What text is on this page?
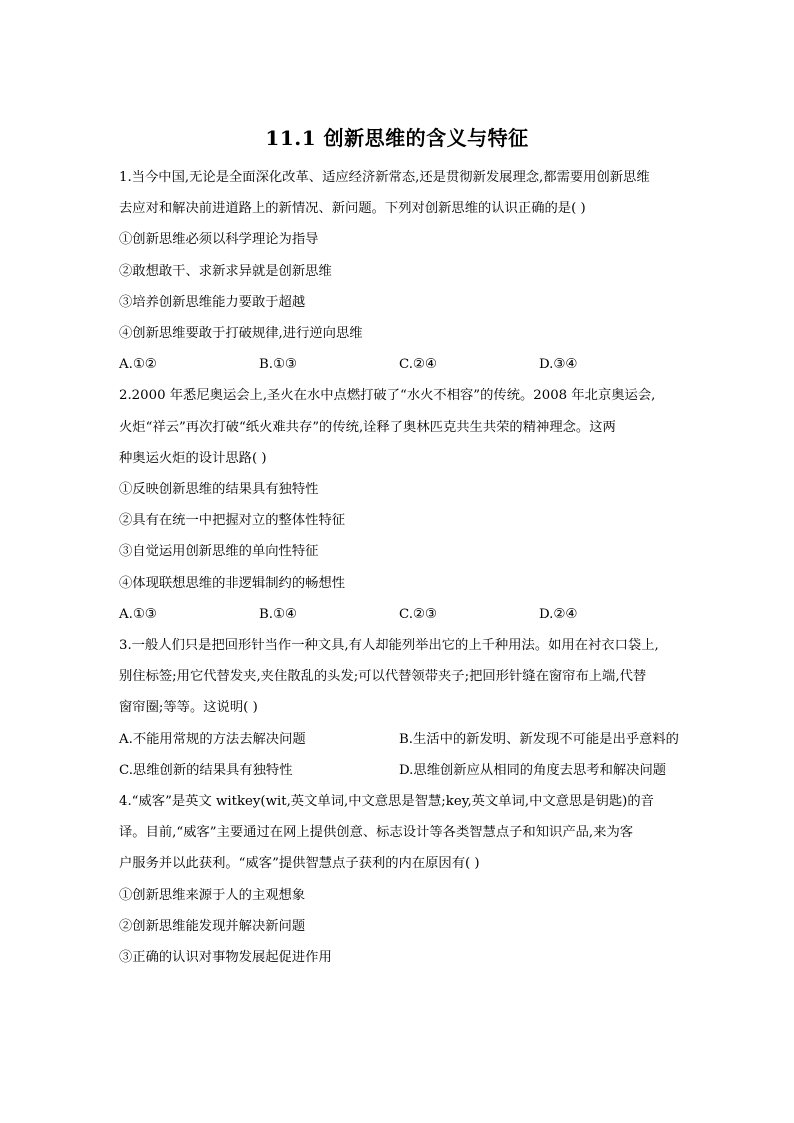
11.1 创新思维的含义与特征
1.当今中国,无论是全面深化改革、适应经济新常态,还是贯彻新发展理念,都需要用创新思维
去应对和解决前进道路上的新情况、新问题。下列对创新思维的认识正确的是( )
①创新思维必须以科学理论为指导
②敢想敢干、求新求异就是创新思维
③培养创新思维能力要敢于超越
④创新思维要敢于打破规律,进行逆向思维
A.①②	B.①③	C.②④	D.③④
2.2000 年悉尼奥运会上,圣火在水中点燃打破了“水火不相容”的传统。2008 年北京奥运会,
火炬“祥云”再次打破“纸火难共存”的传统,诠释了奥林匹克共生共荣的精神理念。这两
种奥运火炬的设计思路( )
①反映创新思维的结果具有独特性
②具有在统一中把握对立的整体性特征
③自觉运用创新思维的单向性特征
④体现联想思维的非逻辑制约的畅想性
A.①③	B.①④	C.②③	D.②④
3.一般人们只是把回形针当作一种文具,有人却能列举出它的上千种用法。如用在衬衣口袋上,
别住标签;用它代替发夹,夹住散乱的头发;可以代替领带夹子;把回形针缝在窗帘布上端,代替
窗帘圈;等等。这说明( )
A.不能用常规的方法去解决问题	B.生活中的新发明、新发现不可能是出乎意料的
C.思维创新的结果具有独特性	D.思维创新应从相同的角度去思考和解决问题
4.“威客”是英文 witkey(wit,英文单词,中文意思是智慧;key,英文单词,中文意思是钥匙)的音
译。目前,“威客”主要通过在网上提供创意、标志设计等各类智慧点子和知识产品,来为客
户服务并以此获利。“威客”提供智慧点子获利的内在原因有( )
①创新思维来源于人的主观想象
②创新思维能发现并解决新问题
③正确的认识对事物发展起促进作用
